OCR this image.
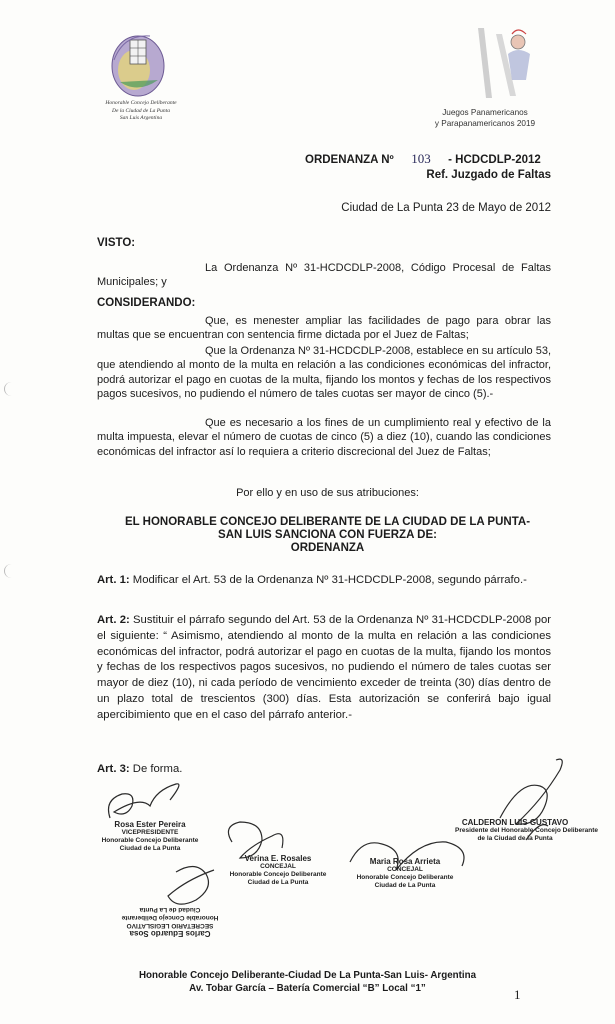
Honorable Concejo Deliberante
De la Ciudad de La Punta
San Luis Argentina
Juegos Panamericanos
y Parapanamericanos 2019
ORDENANZA Nº 103 - HCDCDLP-2012
Ref. Juzgado de Faltas
Ciudad de La Punta 23 de Mayo de 2012
VISTO:
La Ordenanza Nº 31-HCDCDLP-2008, Código Procesal de Faltas Municipales; y
CONSIDERANDO:
Que, es menester ampliar las facilidades de pago para obrar las multas que se encuentran con sentencia firme dictada por el Juez de Faltas;
Que la Ordenanza Nº 31-HCDCDLP-2008, establece en su artículo 53, que atendiendo al monto de la multa en relación a las condiciones económicas del infractor, podrá autorizar el pago en cuotas de la multa, fijando los montos y fechas de los respectivos pagos sucesivos, no pudiendo el número de tales cuotas ser mayor de cinco (5).-
Que es necesario a los fines de un cumplimiento real y efectivo de la multa impuesta, elevar el número de cuotas de cinco (5) a diez (10), cuando las condiciones económicas del infractor así lo requiera a criterio discrecional del Juez de Faltas;
Por ello y en uso de sus atribuciones:
EL HONORABLE CONCEJO DELIBERANTE DE LA CIUDAD DE LA PUNTA-
SAN LUIS SANCIONA CON FUERZA DE:
ORDENANZA
Art. 1: Modificar el Art. 53 de la Ordenanza Nº 31-HCDCDLP-2008, segundo párrafo.-
Art. 2: Sustituir el párrafo segundo del Art. 53 de la Ordenanza Nº 31-HCDCDLP-2008 por el siguiente: “ Asimismo, atendiendo al monto de la multa en relación a las condiciones económicas del infractor, podrá autorizar el pago en cuotas de la multa, fijando los montos y fechas de los respectivos pagos sucesivos, no pudiendo el número de tales cuotas ser mayor de diez (10), ni cada período de vencimiento exceder de treinta (30) días dentro de un plazo total de trescientos (300) días. Esta autorización se conferirá bajo igual apercibimiento que en el caso del párrafo anterior.-
Art. 3: De forma.
Rosa Ester Pereira
VICEPRESIDENTE
Honorable Concejo Deliberante
Ciudad de La Punta
Verina E. Rosales
CONCEJAL
Honorable Concejo Deliberante
Ciudad de La Punta
Maria Rosa Arrieta
CONCEJAL
Honorable Concejo Deliberante
Ciudad de La Punta
CALDERON LUIS GUSTAVO
Presidente del Honorable Concejo Deliberante
de la Ciudad de la Punta
Carlos Eduardo Sosa
SECRETARIO LEGISLATIVO
Honorable Concejo Deliberante
Ciudad de La Punta
Honorable Concejo Deliberante-Ciudad De La Punta-San Luis- Argentina
Av. Tobar García – Batería Comercial “B” Local “1”	1
